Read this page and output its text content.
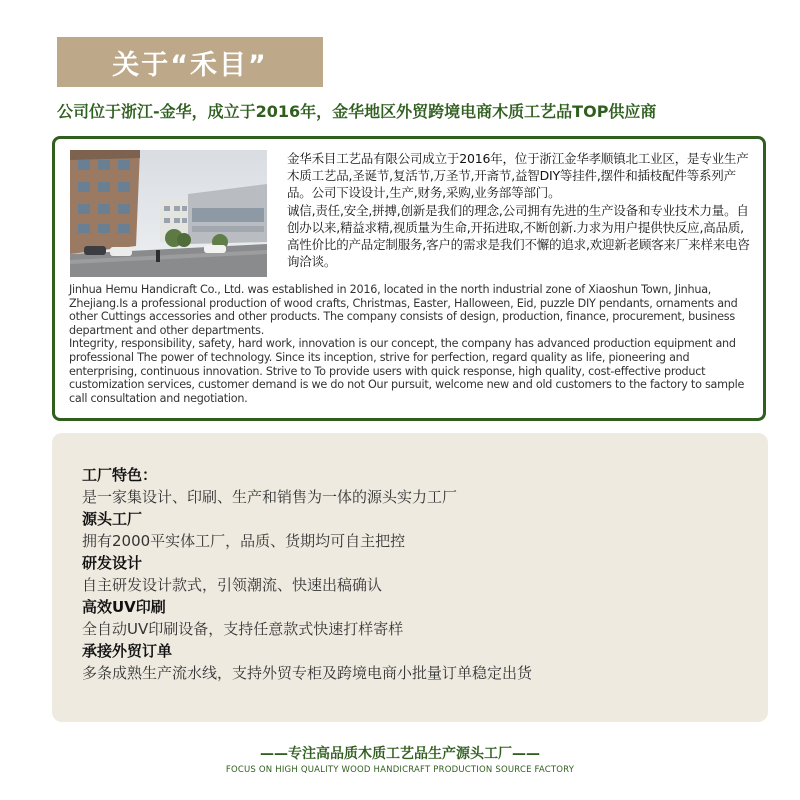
关于“禾目”
公司位于浙江-金华，成立于2016年，金华地区外贸跨境电商木质工艺品TOP供应商

金华禾目工艺品有限公司成立于2016年，位于浙江金华孝顺镇北工业区，是专业生产木质工艺品,圣诞节,复活节,万圣节,开斋节,益智DIY等挂件,摆件和插枝配件等系列产品。公司下设设计,生产,财务,采购,业务部等部门。

诚信,责任,安全,拼搏,创新是我们的理念,公司拥有先进的生产设备和专业技术力量。自创办以来,精益求精,视质量为生命,开拓进取,不断创新.力求为用户提供快反应,高品质,高性价比的产品定制服务,客户的需求是我们不懈的追求,欢迎新老顾客来厂来样来电咨询洽谈。

Jinhua Hemu Handicraft Co., Ltd. was established in 2016, located in the north industrial zone of Xiaoshun Town, Jinhua, Zhejiang.Is a professional production of wood crafts, Christmas, Easter, Halloween, Eid, puzzle DIY pendants, ornaments and other Cuttings accessories and other products. The company consists of design, production, finance, procurement, business department and other departments.

Integrity, responsibility, safety, hard work, innovation is our concept, the company has advanced production equipment and professional The power of technology. Since its inception, strive for perfection, regard quality as life, pioneering and enterprising, continuous innovation. Strive to To provide users with quick response, high quality, cost-effective product customization services, customer demand is we do not Our pursuit, welcome new and old customers to the factory to sample call consultation and negotiation.

工厂特色：
是一家集设计、印刷、生产和销售为一体的源头实力工厂
源头工厂
拥有2000平实体工厂，品质、货期均可自主把控
研发设计
自主研发设计款式，引领潮流、快速出稿确认
高效UV印刷
全自动UV印刷设备，支持任意款式快速打样寄样
承接外贸订单
多条成熟生产流水线，支持外贸专柜及跨境电商小批量订单稳定出货
——专注高品质木质工艺品生产源头工厂——
FOCUS ON HIGH QUALITY WOOD HANDICRAFT PRODUCTION SOURCE FACTORY
